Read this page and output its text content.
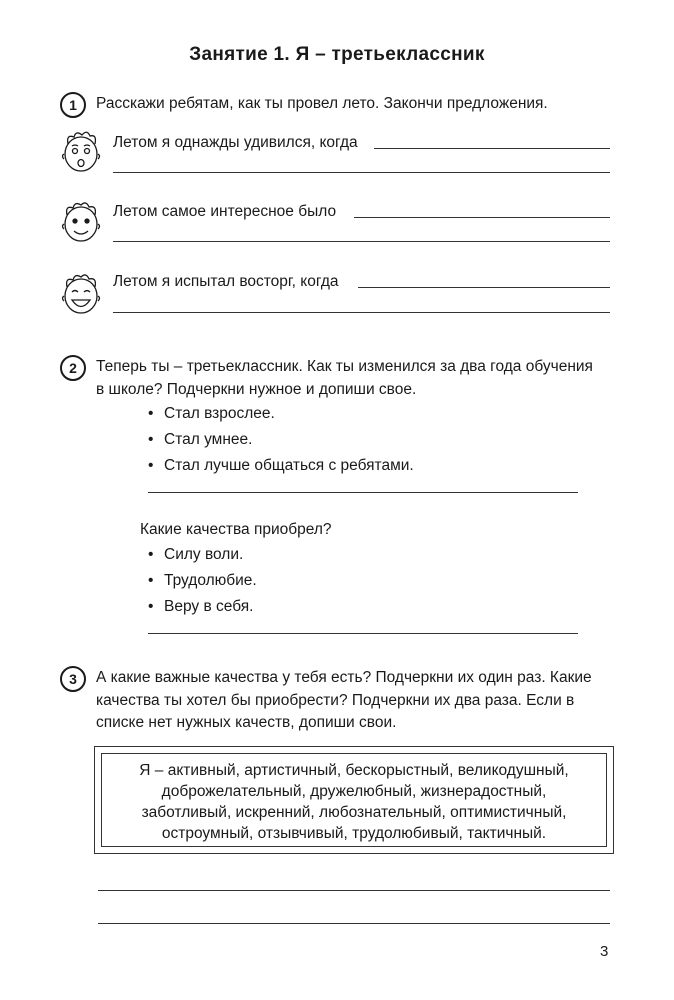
Занятие 1. Я – третьеклассник
1	Расскажи ребятам, как ты провел лето. Закончи предложения.
Летом я однажды удивился, когда
Летом самое интересное было
Летом я испытал восторг, когда
2	Теперь ты – третьеклассник. Как ты изменился за два года обучения
в школе? Подчеркни нужное и допиши свое.
• Стал взрослее.
• Стал умнее.
• Стал лучше общаться с ребятами.
Какие качества приобрел?
• Силу воли.
• Трудолюбие.
• Веру в себя.
3	А какие важные качества у тебя есть? Подчеркни их один раз. Какие
качества ты хотел бы приобрести? Подчеркни их два раза. Если в
списке нет нужных качеств, допиши свои.
Я – активный, артистичный, бескорыстный, великодушный,
доброжелательный, дружелюбный, жизнерадостный,
заботливый, искренний, любознательный, оптимистичный,
остроумный, отзывчивый, трудолюбивый, тактичный.
3
